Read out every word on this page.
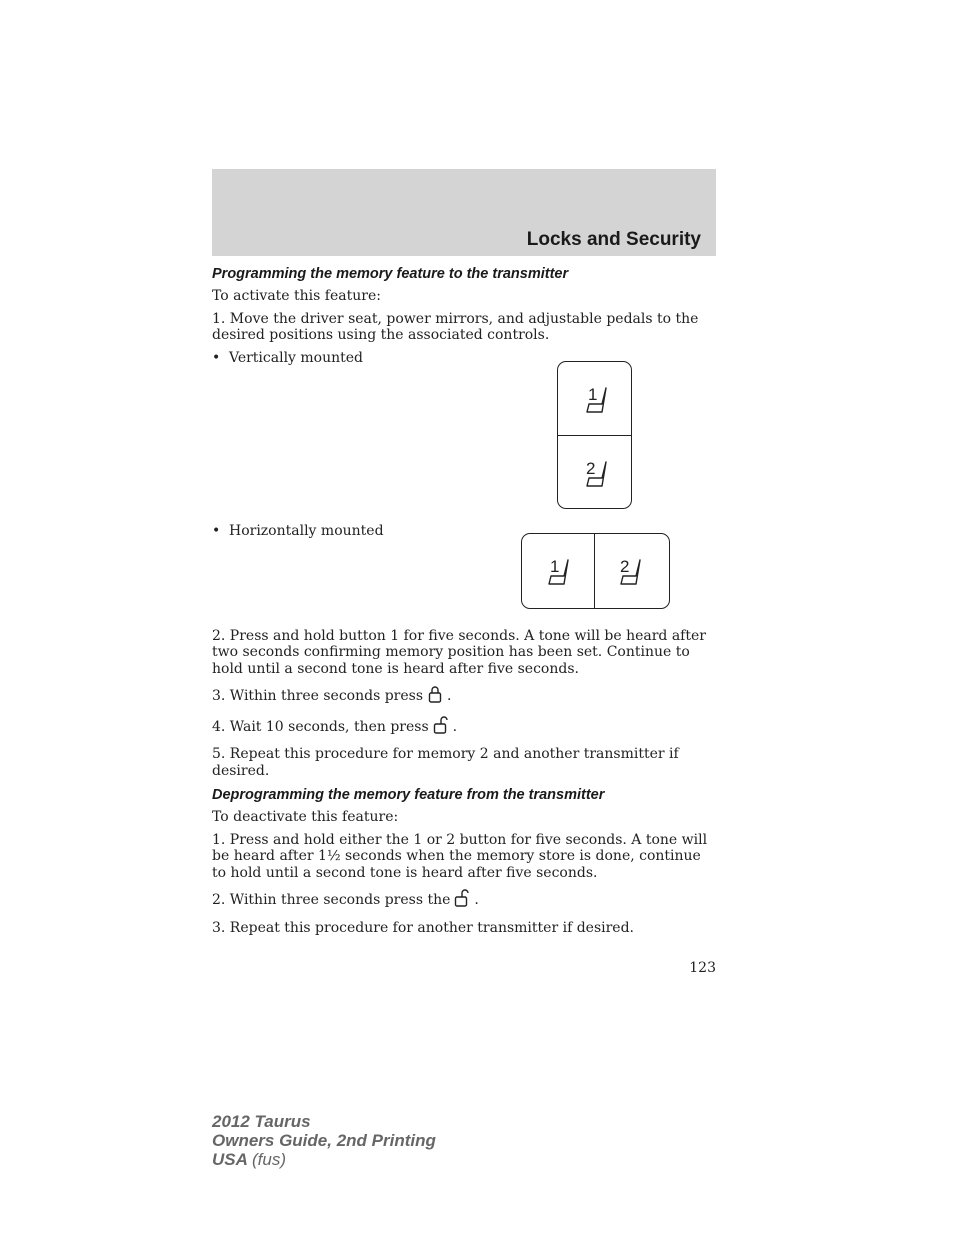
Locks and Security
Programming the memory feature to the transmitter

To activate this feature:

1. Move the driver seat, power mirrors, and adjustable pedals to the desired positions using the associated controls.

• Vertically mounted

• Horizontally mounted

2. Press and hold button 1 for five seconds. A tone will be heard after two seconds confirming memory position has been set. Continue to hold until a second tone is heard after five seconds.

3. Within three seconds press .

4. Wait 10 seconds, then press .

5. Repeat this procedure for memory 2 and another transmitter if desired.

Deprogramming the memory feature from the transmitter

To deactivate this feature:

1. Press and hold either the 1 or 2 button for five seconds. A tone will be heard after 1½ seconds when the memory store is done, continue to hold until a second tone is heard after five seconds.

2. Within three seconds press the .

3. Repeat this procedure for another transmitter if desired.

1
2
1	2
123
2012 Taurus
Owners Guide, 2nd Printing
USA (fus)
